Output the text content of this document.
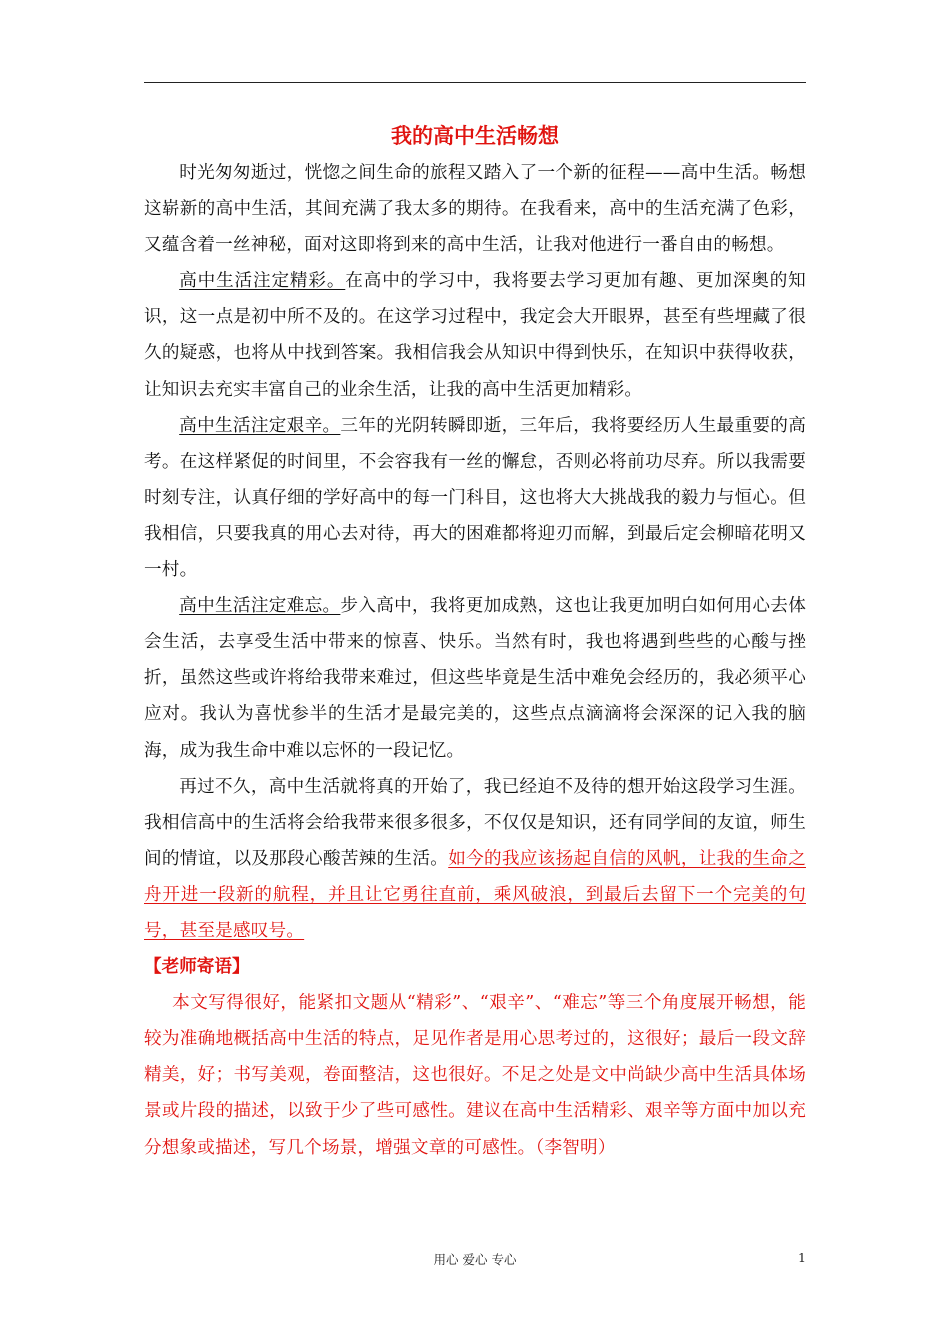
我的高中生活畅想

时光匆匆逝过，恍惚之间生命的旅程又踏入了一个新的征程——高中生活。畅想这崭新的高中生活，其间充满了我太多的期待。在我看来，高中的生活充满了色彩，又蕴含着一丝神秘，面对这即将到来的高中生活，让我对他进行一番自由的畅想。

高中生活注定精彩。在高中的学习中，我将要去学习更加有趣、更加深奥的知识，这一点是初中所不及的。在这学习过程中，我定会大开眼界，甚至有些埋藏了很久的疑惑，也将从中找到答案。我相信我会从知识中得到快乐，在知识中获得收获，让知识去充实丰富自己的业余生活，让我的高中生活更加精彩。

高中生活注定艰辛。三年的光阴转瞬即逝，三年后，我将要经历人生最重要的高考。在这样紧促的时间里，不会容我有一丝的懈怠，否则必将前功尽弃。所以我需要时刻专注，认真仔细的学好高中的每一门科目，这也将大大挑战我的毅力与恒心。但我相信，只要我真的用心去对待，再大的困难都将迎刃而解，到最后定会柳暗花明又一村。

高中生活注定难忘。步入高中，我将更加成熟，这也让我更加明白如何用心去体会生活，去享受生活中带来的惊喜、快乐。当然有时，我也将遇到些些的心酸与挫折，虽然这些或许将给我带来难过，但这些毕竟是生活中难免会经历的，我必须平心应对。我认为喜忧参半的生活才是最完美的，这些点点滴滴将会深深的记入我的脑海，成为我生命中难以忘怀的一段记忆。

再过不久，高中生活就将真的开始了，我已经迫不及待的想开始这段学习生涯。我相信高中的生活将会给我带来很多很多，不仅仅是知识，还有同学间的友谊，师生间的情谊，以及那段心酸苦辣的生活。如今的我应该扬起自信的风帆，让我的生命之舟开进一段新的航程，并且让它勇往直前，乘风破浪，到最后去留下一个完美的句号，甚至是感叹号。

【老师寄语】

本文写得很好，能紧扣文题从“精彩”、“艰辛”、“难忘”等三个角度展开畅想，能较为准确地概括高中生活的特点，足见作者是用心思考过的，这很好；最后一段文辞精美，好；书写美观，卷面整洁，这也很好。不足之处是文中尚缺少高中生活具体场景或片段的描述，以致于少了些可感性。建议在高中生活精彩、艰辛等方面中加以充分想象或描述，写几个场景，增强文章的可感性。（李智明）

用心 爱心 专心	1
